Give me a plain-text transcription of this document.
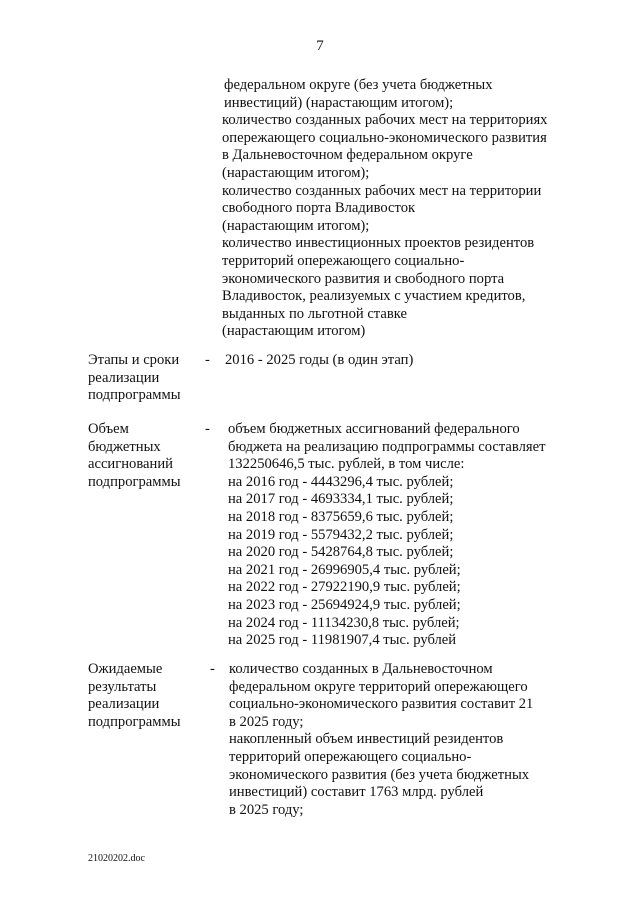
7
федеральном округе (без учета бюджетных
инвестиций) (нарастающим итогом);
количество созданных рабочих мест на территориях
опережающего социально-экономического развития
в Дальневосточном федеральном округе
(нарастающим итогом);
количество созданных рабочих мест на территории
свободного порта Владивосток
(нарастающим итогом);
количество инвестиционных проектов резидентов
территорий опережающего социально-
экономического развития и свободного порта
Владивосток, реализуемых с участием кредитов,
выданных по льготной ставке
(нарастающим итогом)
Этапы и сроки
реализации
подпрограммы
- 2016 - 2025 годы (в один этап)
Объем
бюджетных
ассигнований
подпрограммы
- объем бюджетных ассигнований федерального
бюджета на реализацию подпрограммы составляет
132250646,5 тыс. рублей, в том числе:
на 2016 год - 4443296,4 тыс. рублей;
на 2017 год - 4693334,1 тыс. рублей;
на 2018 год - 8375659,6 тыс. рублей;
на 2019 год - 5579432,2 тыс. рублей;
на 2020 год - 5428764,8 тыс. рублей;
на 2021 год - 26996905,4 тыс. рублей;
на 2022 год - 27922190,9 тыс. рублей;
на 2023 год - 25694924,9 тыс. рублей;
на 2024 год - 11134230,8 тыс. рублей;
на 2025 год - 11981907,4 тыс. рублей
Ожидаемые
результаты
реализации
подпрограммы
- количество созданных в Дальневосточном
федеральном округе территорий опережающего
социально-экономического развития составит 21
в 2025 году;
накопленный объем инвестиций резидентов
территорий опережающего социально-
экономического развития (без учета бюджетных
инвестиций) составит 1763 млрд. рублей
в 2025 году;
21020202.doc
